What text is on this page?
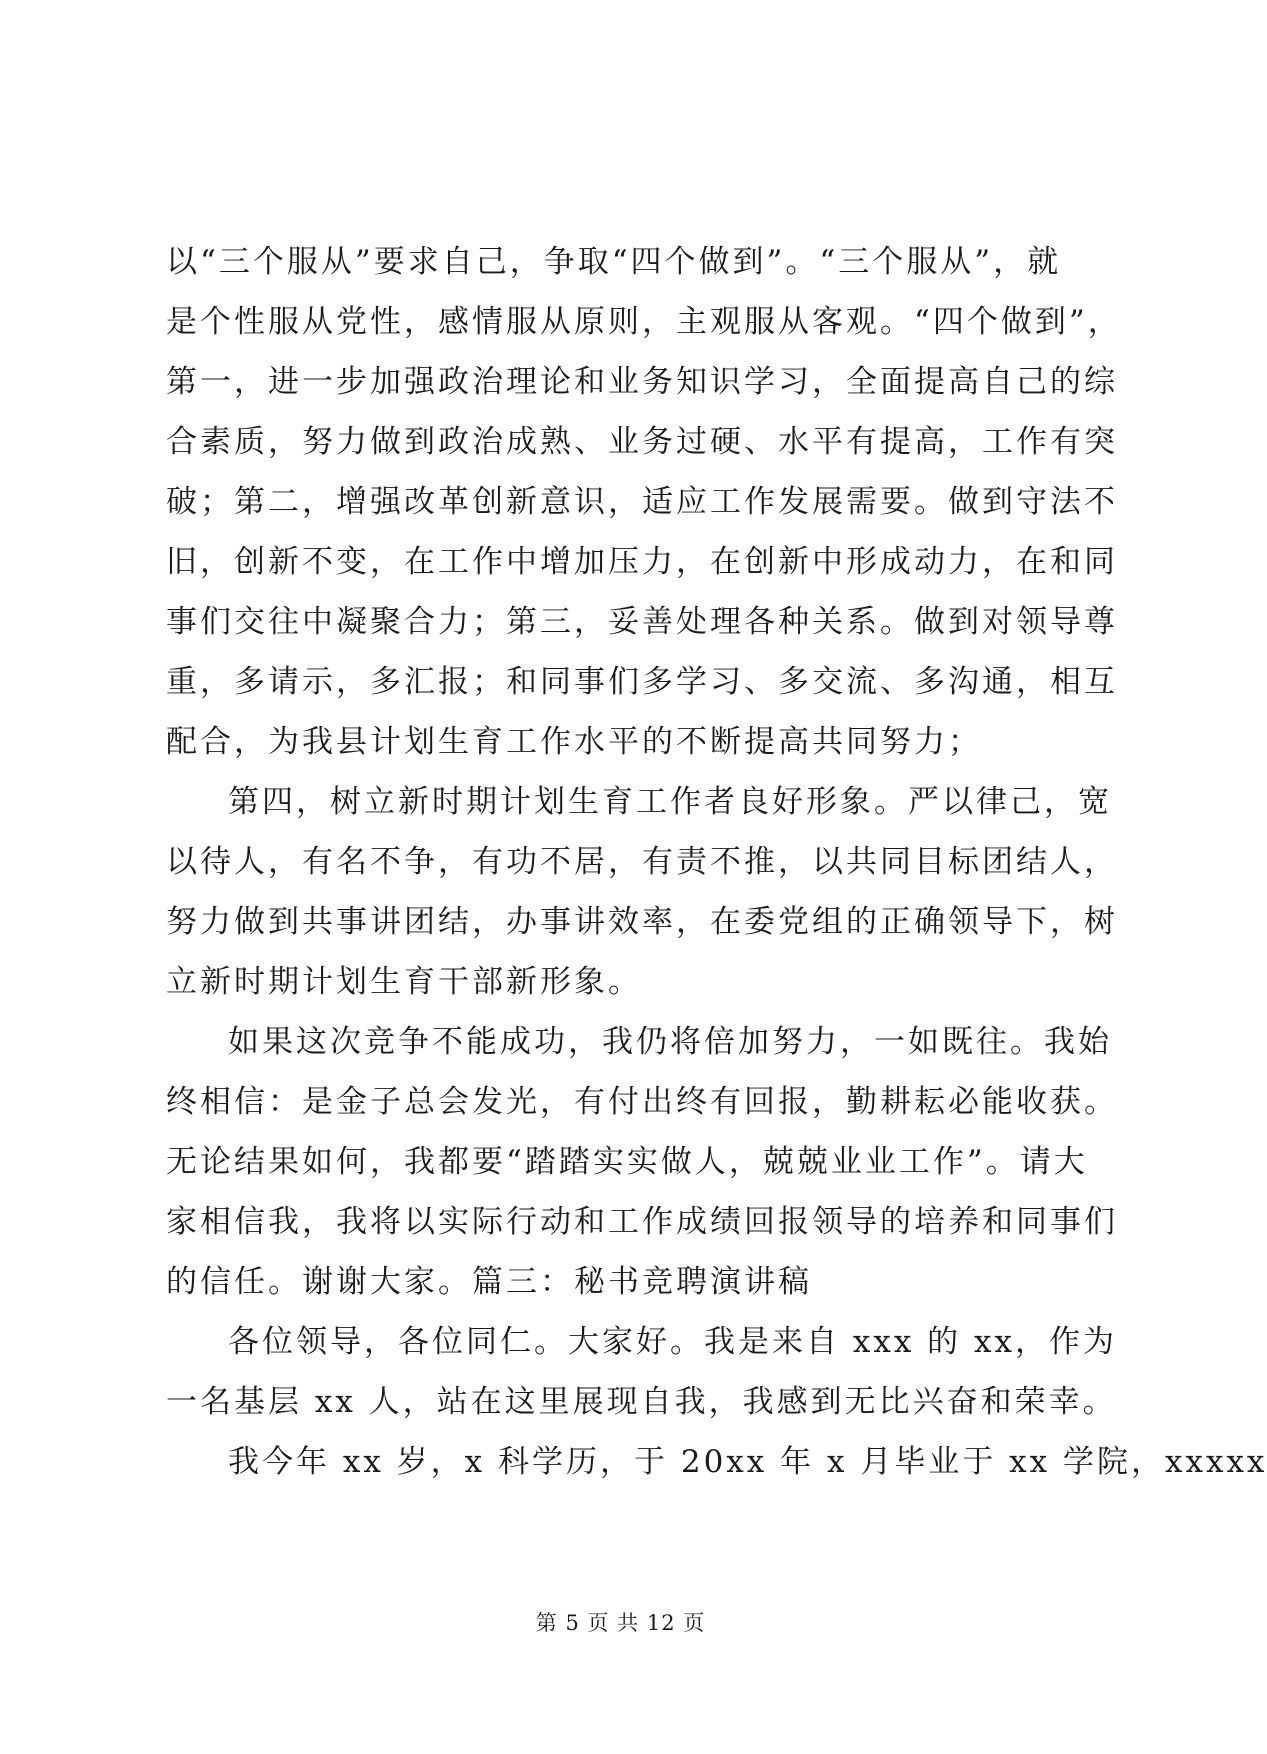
以“三个服从”要求自己，争取“四个做到”。“三个服从”，就
是个性服从党性，感情服从原则，主观服从客观。“四个做到”，
第一，进一步加强政治理论和业务知识学习，全面提高自己的综
合素质，努力做到政治成熟、业务过硬、水平有提高，工作有突
破；第二，增强改革创新意识，适应工作发展需要。做到守法不
旧，创新不变，在工作中增加压力，在创新中形成动力，在和同
事们交往中凝聚合力；第三，妥善处理各种关系。做到对领导尊
重，多请示，多汇报；和同事们多学习、多交流、多沟通，相互
配合，为我县计划生育工作水平的不断提高共同努力；
第四，树立新时期计划生育工作者良好形象。严以律己，宽
以待人，有名不争，有功不居，有责不推，以共同目标团结人，
努力做到共事讲团结，办事讲效率，在委党组的正确领导下，树
立新时期计划生育干部新形象。
如果这次竞争不能成功，我仍将倍加努力，一如既往。我始
终相信：是金子总会发光，有付出终有回报，勤耕耘必能收获。
无论结果如何，我都要“踏踏实实做人，兢兢业业工作”。请大
家相信我，我将以实际行动和工作成绩回报领导的培养和同事们
的信任。谢谢大家。篇三：秘书竞聘演讲稿
各位领导，各位同仁。大家好。我是来自 xxx 的 xx，作为
一名基层 xx 人，站在这里展现自我，我感到无比兴奋和荣幸。
我今年 xx 岁，x 科学历，于 20xx 年 x 月毕业于 xx 学院，xxxxx
第 5 页 共 12 页
